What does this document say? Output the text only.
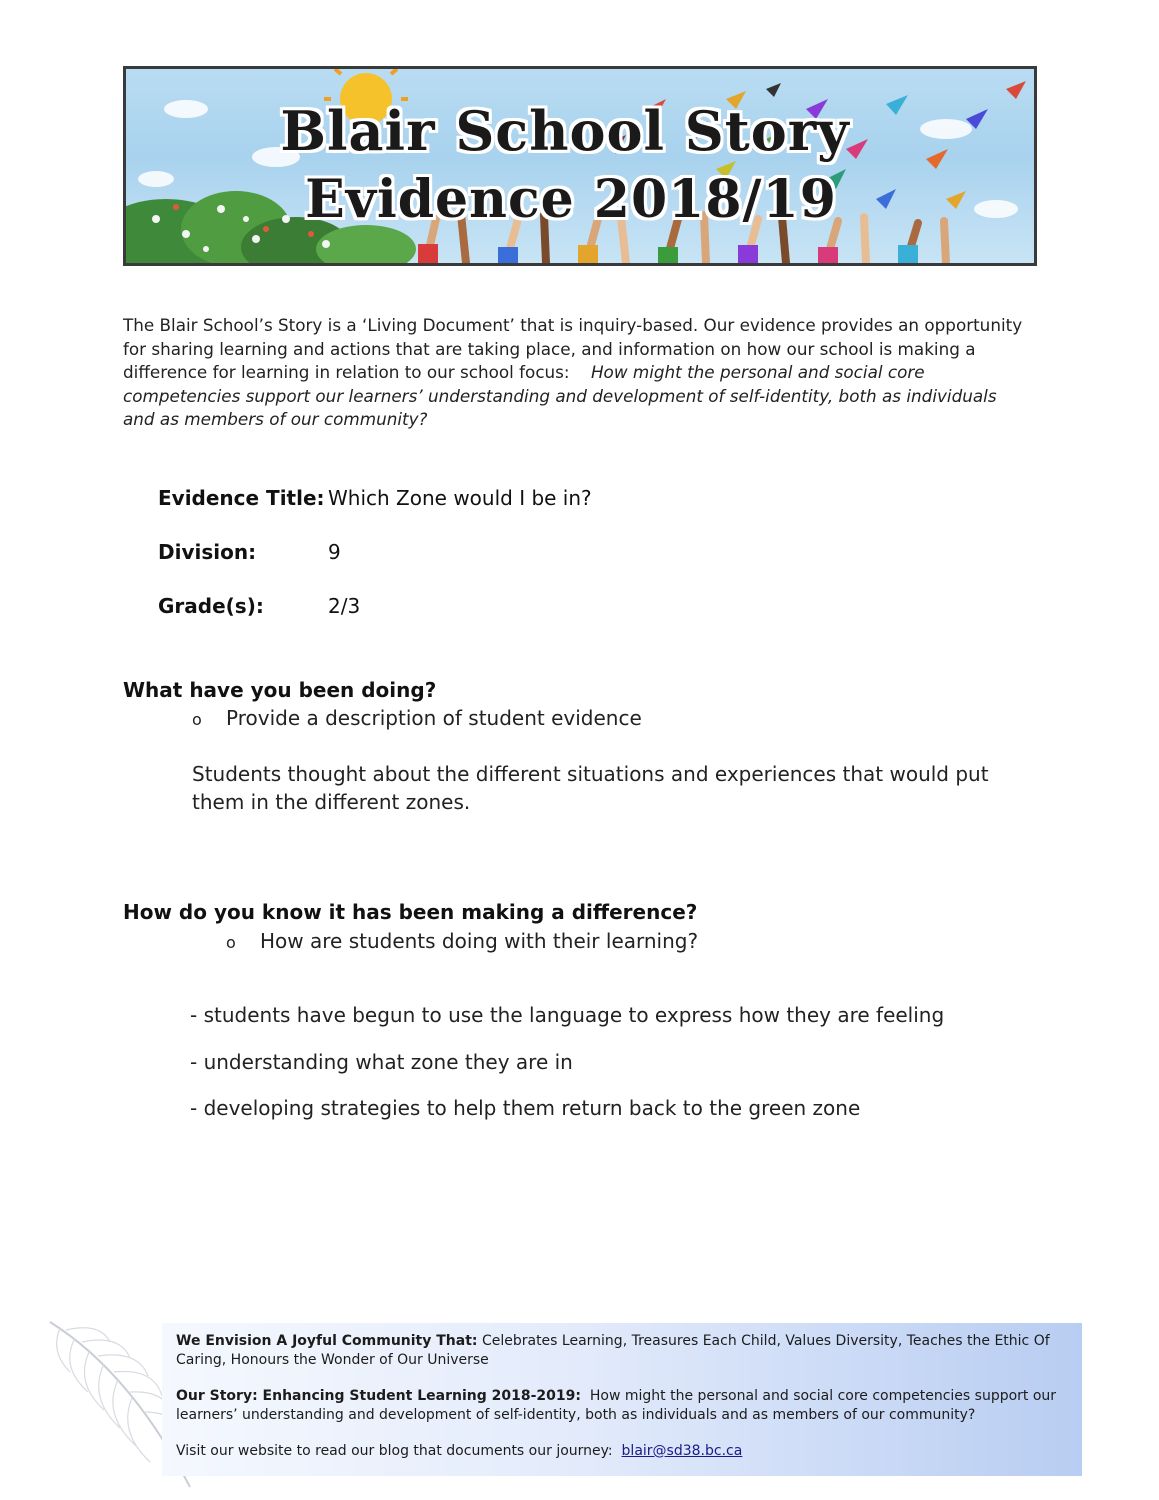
Blair School Story
Evidence 2018/19
The Blair School’s Story is a ‘Living Document’ that is inquiry-based. Our evidence provides an opportunity for sharing learning and actions that are taking place, and information on how our school is making a difference for learning in relation to our school focus: How might the personal and social core competencies support our learners’ understanding and development of self-identity, both as individuals and as members of our community?
Evidence Title: Which Zone would I be in?
Division:	9
Grade(s):	2/3
What have you been doing?
o Provide a description of student evidence
Students thought about the different situations and experiences that would put them in the different zones.
How do you know it has been making a difference?
o How are students doing with their learning?
- students have begun to use the language to express how they are feeling
- understanding what zone they are in
- developing strategies to help them return back to the green zone

We Envision A Joyful Community That: Celebrates Learning, Treasures Each Child, Values Diversity, Teaches the Ethic Of Caring, Honours the Wonder of Our Universe

Our Story: Enhancing Student Learning 2018-2019: How might the personal and social core competencies support our learners’ understanding and development of self-identity, both as individuals and as members of our community?

Visit our website to read our blog that documents our journey: blair@sd38.bc.ca
